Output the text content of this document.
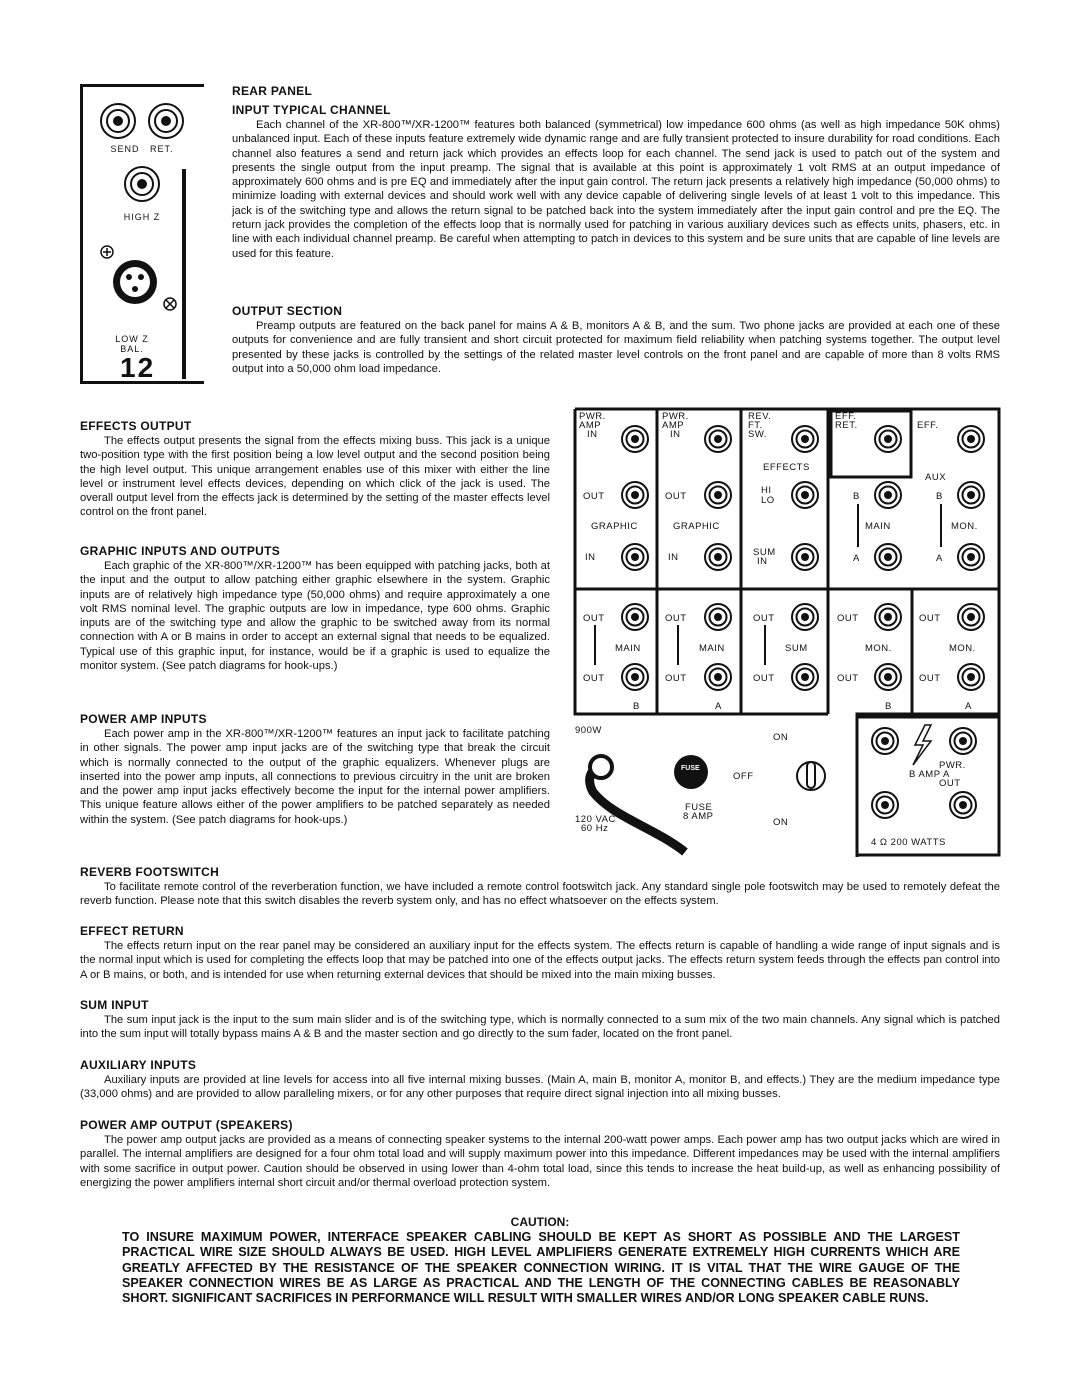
SEND RET.
HIGH Z
LOW Z
BAL.
12
REAR PANEL
INPUT TYPICAL CHANNEL

Each channel of the XR-800™/XR-1200™ features both balanced (symmetrical) low impedance 600 ohms (as well as high impedance 50K ohms) unbalanced input. Each of these inputs feature extremely wide dynamic range and are fully transient protected to insure durability for road conditions. Each channel also features a send and return jack which provides an effects loop for each channel. The send jack is used to patch out of the system and presents the single output from the input preamp. The signal that is available at this point is approximately 1 volt RMS at an output impedance of approximately 600 ohms and is pre EQ and immediately after the input gain control. The return jack presents a relatively high impedance (50,000 ohms) to minimize loading with external devices and should work well with any device capable of delivering single levels of at least 1 volt to this impedance. This jack is of the switching type and allows the return signal to be patched back into the system immediately after the input gain control and pre the EQ. The return jack provides the completion of the effects loop that is normally used for patching in various auxiliary devices such as effects units, phasers, etc. in line with each individual channel preamp. Be careful when attempting to patch in devices to this system and be sure units that are capable of line levels are used for this feature.

OUTPUT SECTION

Preamp outputs are featured on the back panel for mains A & B, monitors A & B, and the sum. Two phone jacks are provided at each one of these outputs for convenience and are fully transient and short circuit protected for maximum field reliability when patching systems together. The output level presented by these jacks is controlled by the settings of the related master level controls on the front panel and are capable of more than 8 volts RMS output into a 50,000 ohm load impedance.

EFFECTS OUTPUT

The effects output presents the signal from the effects mixing buss. This jack is a unique two-position type with the first position being a low level output and the second position being the high level output. This unique arrangement enables use of this mixer with either the line level or instrument level effects devices, depending on which click of the jack is used. The overall output level from the effects jack is determined by the setting of the master effects level control on the front panel.

GRAPHIC INPUTS AND OUTPUTS

Each graphic of the XR-800™/XR-1200™ has been equipped with patching jacks, both at the input and the output to allow patching either graphic elsewhere in the system. Graphic inputs are of relatively high impedance type (50,000 ohms) and require approximately a one volt RMS nominal level. The graphic outputs are low in impedance, type 600 ohms. Graphic inputs are of the switching type and allow the graphic to be switched away from its normal connection with A or B mains in order to accept an external signal that needs to be equalized. Typical use of this graphic input, for instance, would be if a graphic is used to equalize the monitor system. (See patch diagrams for hook-ups.)

POWER AMP INPUTS

Each power amp in the XR-800™/XR-1200™ features an input jack to facilitate patching in other signals. The power amp input jacks are of the switching type that break the circuit which is normally connected to the output of the graphic equalizers. Whenever plugs are inserted into the power amp inputs, all connections to previous circuitry in the unit are broken and the power amp input jacks effectively become the input for the internal power amplifiers. This unique feature allows either of the power amplifiers to be patched separately as needed within the system. (See patch diagrams for hook-ups.)

FUSE
PWR.
AMP
IN
PWR.
AMP
IN
REV.
FT.
SW.
EFF.
RET.	EFF.
EFFECTS
AUX
OUT	OUT
HI
LO	B	B
GRAPHIC	GRAPHIC	MAIN	MON.
IN	IN	SUM
IN	A	A
OUT	OUT	OUT	OUT	OUT
MAIN	MAIN	SUM	MON.	MON.
OUT	OUT	OUT	OUT	OUT
B	A	B	A
900W
ON
OFF
FUSE
8 AMP
120 VAC
60 Hz
ON
PWR.
B AMP A
OUT
4 Ω 200 WATTS
REVERB FOOTSWITCH

To facilitate remote control of the reverberation function, we have included a remote control footswitch jack. Any standard single pole footswitch may be used to remotely defeat the reverb function. Please note that this switch disables the reverb system only, and has no effect whatsoever on the effects system.

EFFECT RETURN

The effects return input on the rear panel may be considered an auxiliary input for the effects system. The effects return is capable of handling a wide range of input signals and is the normal input which is used for completing the effects loop that may be patched into one of the effects output jacks. The effects return system feeds through the effects pan control into A or B mains, or both, and is intended for use when returning external devices that should be mixed into the main mixing busses.

SUM INPUT

The sum input jack is the input to the sum main slider and is of the switching type, which is normally connected to a sum mix of the two main channels. Any signal which is patched into the sum input will totally bypass mains A & B and the master section and go directly to the sum fader, located on the front panel.

AUXILIARY INPUTS

Auxiliary inputs are provided at line levels for access into all five internal mixing busses. (Main A, main B, monitor A, monitor B, and effects.) They are the medium impedance type (33,000 ohms) and are provided to allow paralleling mixers, or for any other purposes that require direct signal injection into all mixing busses.

POWER AMP OUTPUT (SPEAKERS)

The power amp output jacks are provided as a means of connecting speaker systems to the internal 200-watt power amps. Each power amp has two output jacks which are wired in parallel. The internal amplifiers are designed for a four ohm total load and will supply maximum power into this impedance. Different impedances may be used with the internal amplifiers with some sacrifice in output power. Caution should be observed in using lower than 4-ohm total load, since this tends to increase the heat build-up, as well as enhancing possibility of energizing the power amplifiers internal short circuit and/or thermal overload protection system.

CAUTION:
TO INSURE MAXIMUM POWER, INTERFACE SPEAKER CABLING SHOULD BE KEPT AS SHORT AS POSSIBLE AND THE LARGEST PRACTICAL WIRE SIZE SHOULD ALWAYS BE USED. HIGH LEVEL AMPLIFIERS GENERATE EXTREMELY HIGH CURRENTS WHICH ARE GREATLY AFFECTED BY THE RESISTANCE OF THE SPEAKER CONNECTION WIRING. IT IS VITAL THAT THE WIRE GAUGE OF THE SPEAKER CONNECTION WIRES BE AS LARGE AS PRACTICAL AND THE LENGTH OF THE CONNECTING CABLES BE REASONABLY SHORT. SIGNIFICANT SACRIFICES IN PERFORMANCE WILL RESULT WITH SMALLER WIRES AND/OR LONG SPEAKER CABLE RUNS.
